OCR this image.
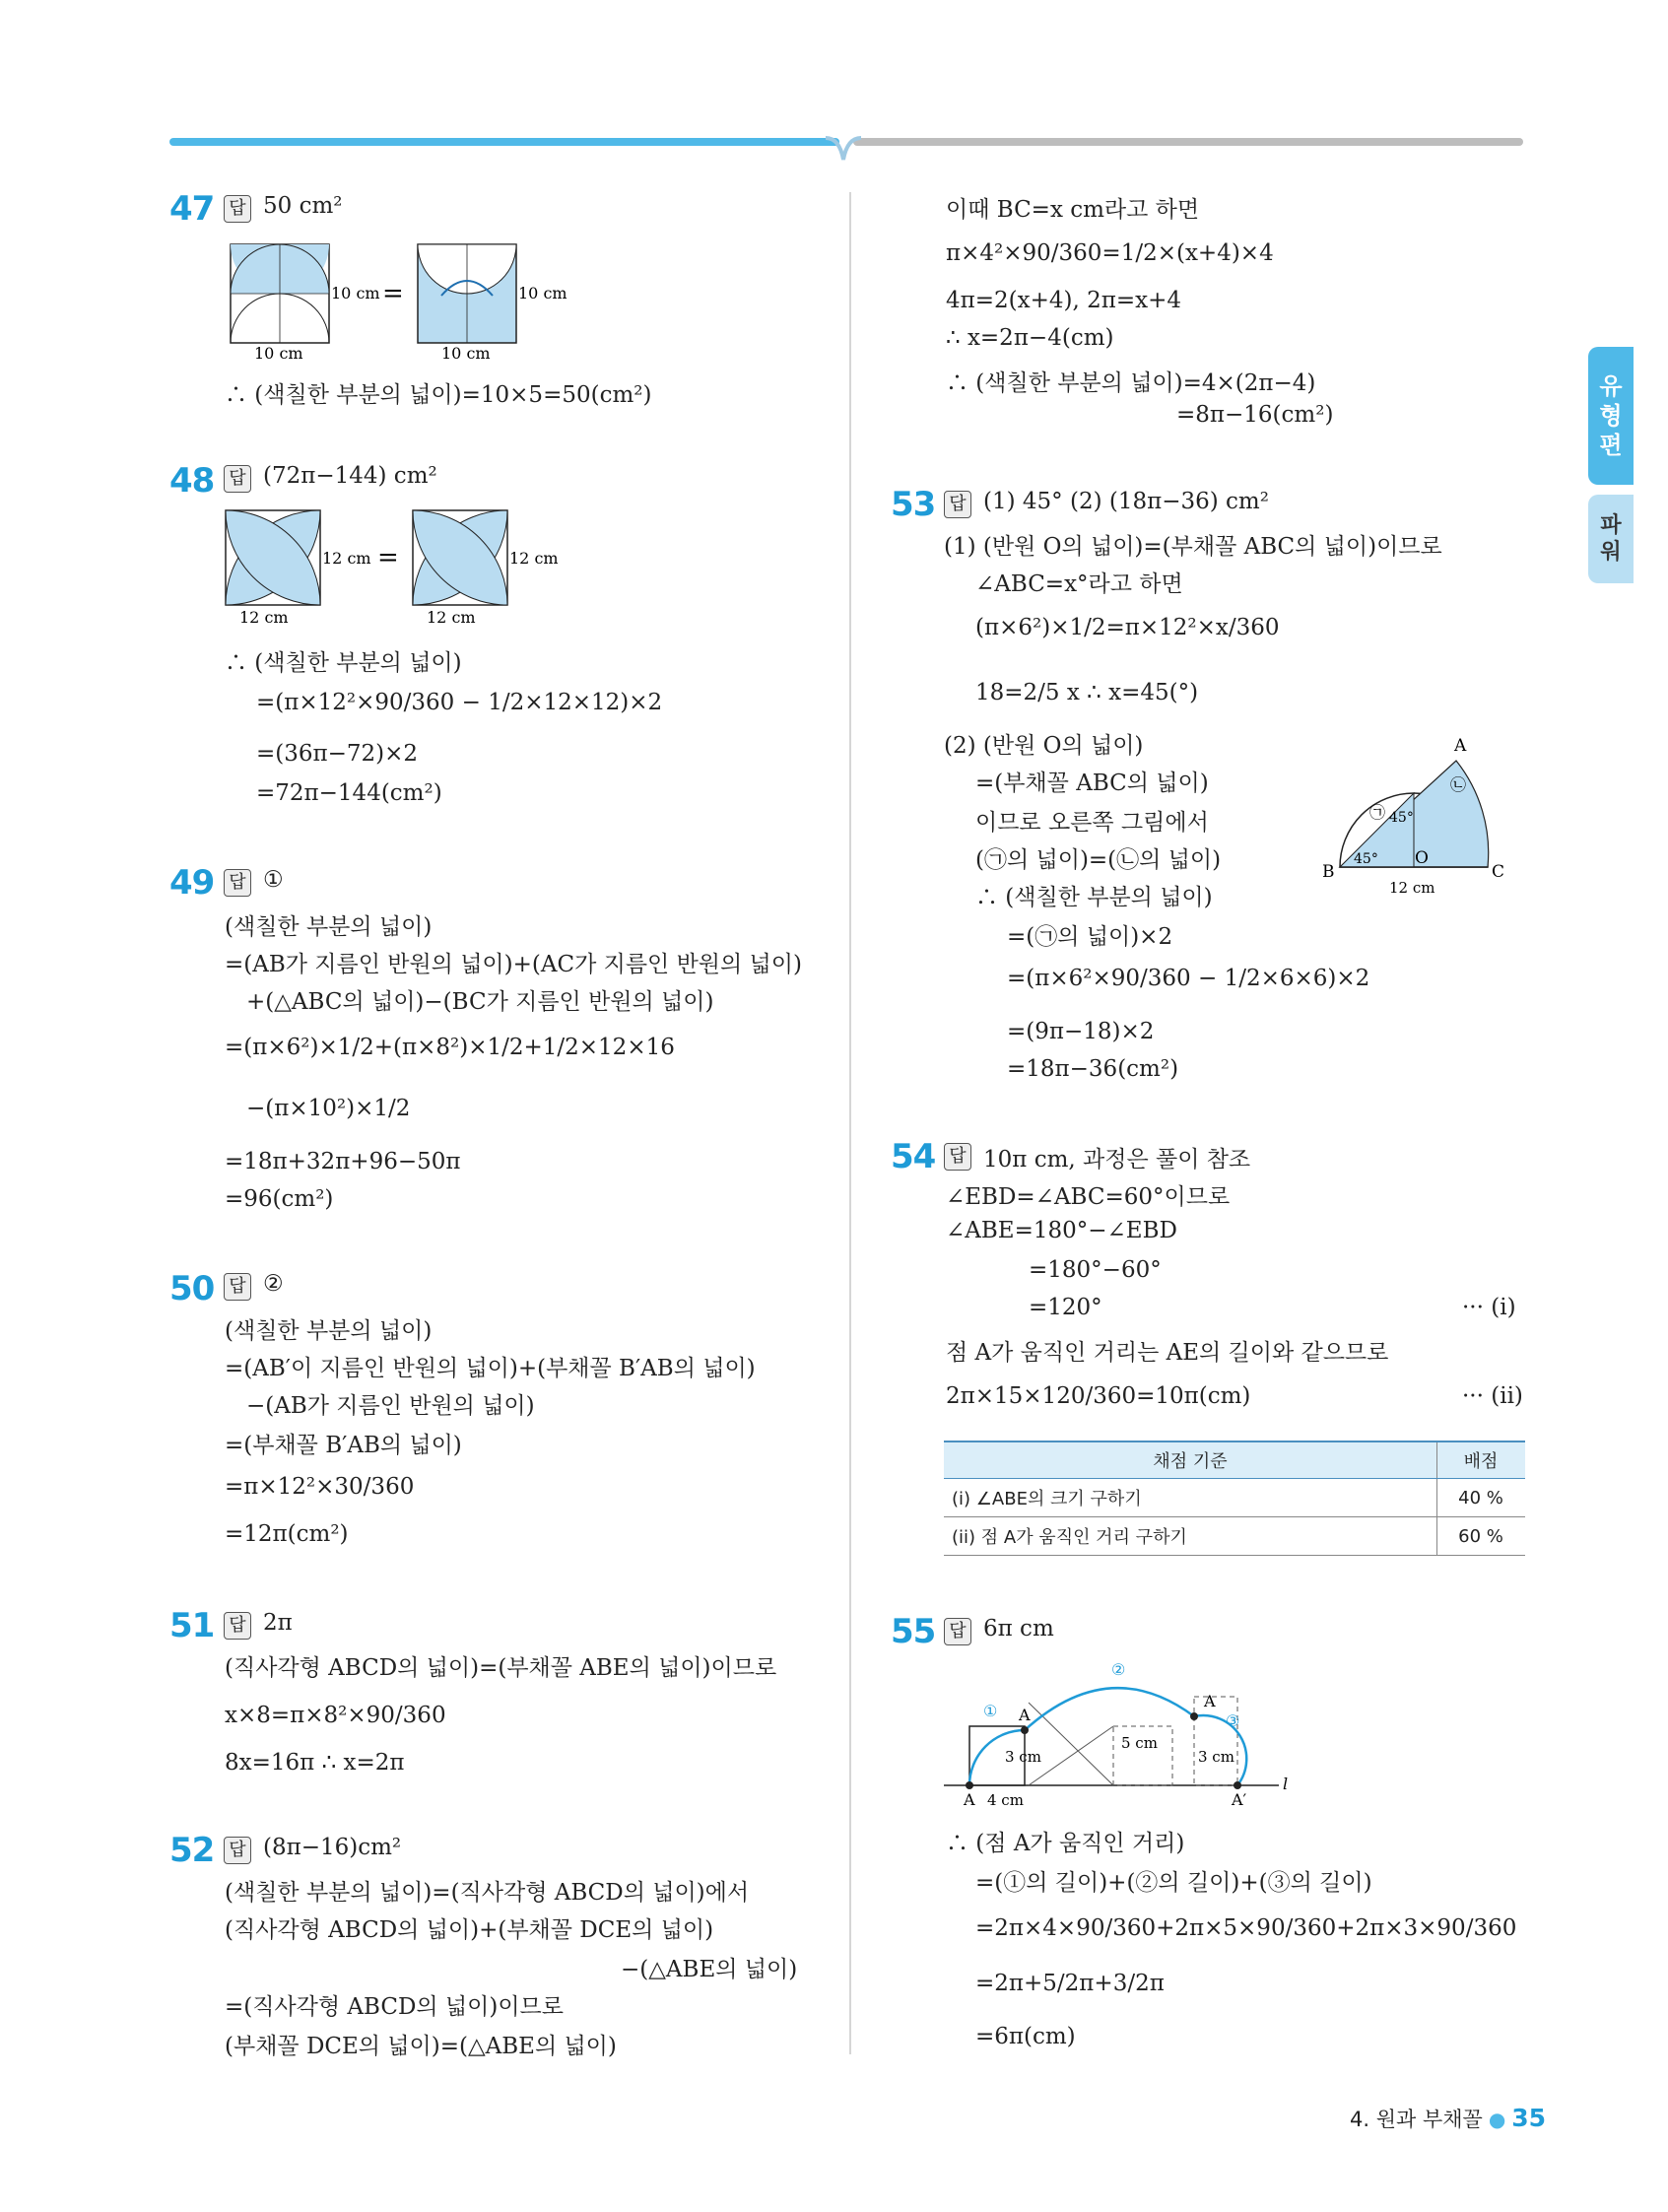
유
형
편
파
워
47 답 50 cm²
10 cm
10 cm
=	10 cm
10 cm
∴ (색칠한 부분의 넓이)=10×5=50(cm²)
48 답 (72π−144) cm²
12 cm
12 cm
=	12 cm
12 cm
∴ (색칠한 부분의 넓이)
=(π×12²×90/360 − 1/2×12×12)×2
=(36π−72)×2
=72π−144(cm²)
49 답 ①
(색칠한 부분의 넓이)
=(AB가 지름인 반원의 넓이)+(AC가 지름인 반원의 넓이)
+(△ABC의 넓이)−(BC가 지름인 반원의 넓이)
=(π×6²)×1/2+(π×8²)×1/2+1/2×12×16
−(π×10²)×1/2
=18π+32π+96−50π
=96(cm²)
50 답 ②
(색칠한 부분의 넓이)
=(AB′이 지름인 반원의 넓이)+(부채꼴 B′AB의 넓이)
−(AB가 지름인 반원의 넓이)
=(부채꼴 B′AB의 넓이)
=π×12²×30/360
=12π(cm²)
51 답 2π
(직사각형 ABCD의 넓이)=(부채꼴 ABE의 넓이)이므로
x×8=π×8²×90/360
8x=16π ∴ x=2π
52 답 (8π−16)cm²
(색칠한 부분의 넓이)=(직사각형 ABCD의 넓이)에서
(직사각형 ABCD의 넓이)+(부채꼴 DCE의 넓이)
−(△ABE의 넓이)
=(직사각형 ABCD의 넓이)이므로
(부채꼴 DCE의 넓이)=(△ABE의 넓이)
이때 BC=x cm라고 하면
π×4²×90/360=1/2×(x+4)×4
4π=2(x+4), 2π=x+4
∴ x=2π−4(cm)
∴ (색칠한 부분의 넓이)=4×(2π−4)
=8π−16(cm²)
53 답 (1) 45° (2) (18π−36) cm²
(1) (반원 O의 넓이)=(부채꼴 ABC의 넓이)이므로
∠ABC=x°라고 하면
(π×6²)×1/2=π×12²×x/360
18=2/5 x ∴ x=45(°)
(2) (반원 O의 넓이)
=(부채꼴 ABC의 넓이)
이므로 오른쪽 그림에서
(㉠의 넓이)=(㉡의 넓이)
∴ (색칠한 부분의 넓이)
=(㉠의 넓이)×2
=(π×6²×90/360 − 1/2×6×6)×2
=(9π−18)×2
=18π−36(cm²)
A
B	C
O
45°
45°
㉠
㉡
12 cm
54 답 10π cm, 과정은 풀이 참조
∠EBD=∠ABC=60°이므로
∠ABE=180°−∠EBD
=180°−60°
=120°	··· (i)
점 A가 움직인 거리는 AE의 길이와 같으므로
2π×15×120/360=10π(cm)	··· (ii)
채점 기준	배점
(i) ∠ABE의 크기 구하기	40 %
(ii) 점 A가 움직인 거리 구하기	60 %
55 답 6π cm
A
A
A
A′
①
②
③
4 cm
3 cm
5 cm
3 cm
l
∴ (점 A가 움직인 거리)
=(①의 길이)+(②의 길이)+(③의 길이)
=2π×4×90/360+2π×5×90/360+2π×3×90/360
=2π+5/2π+3/2π
=6π(cm)
4. 원과 부채꼴 ● 35
